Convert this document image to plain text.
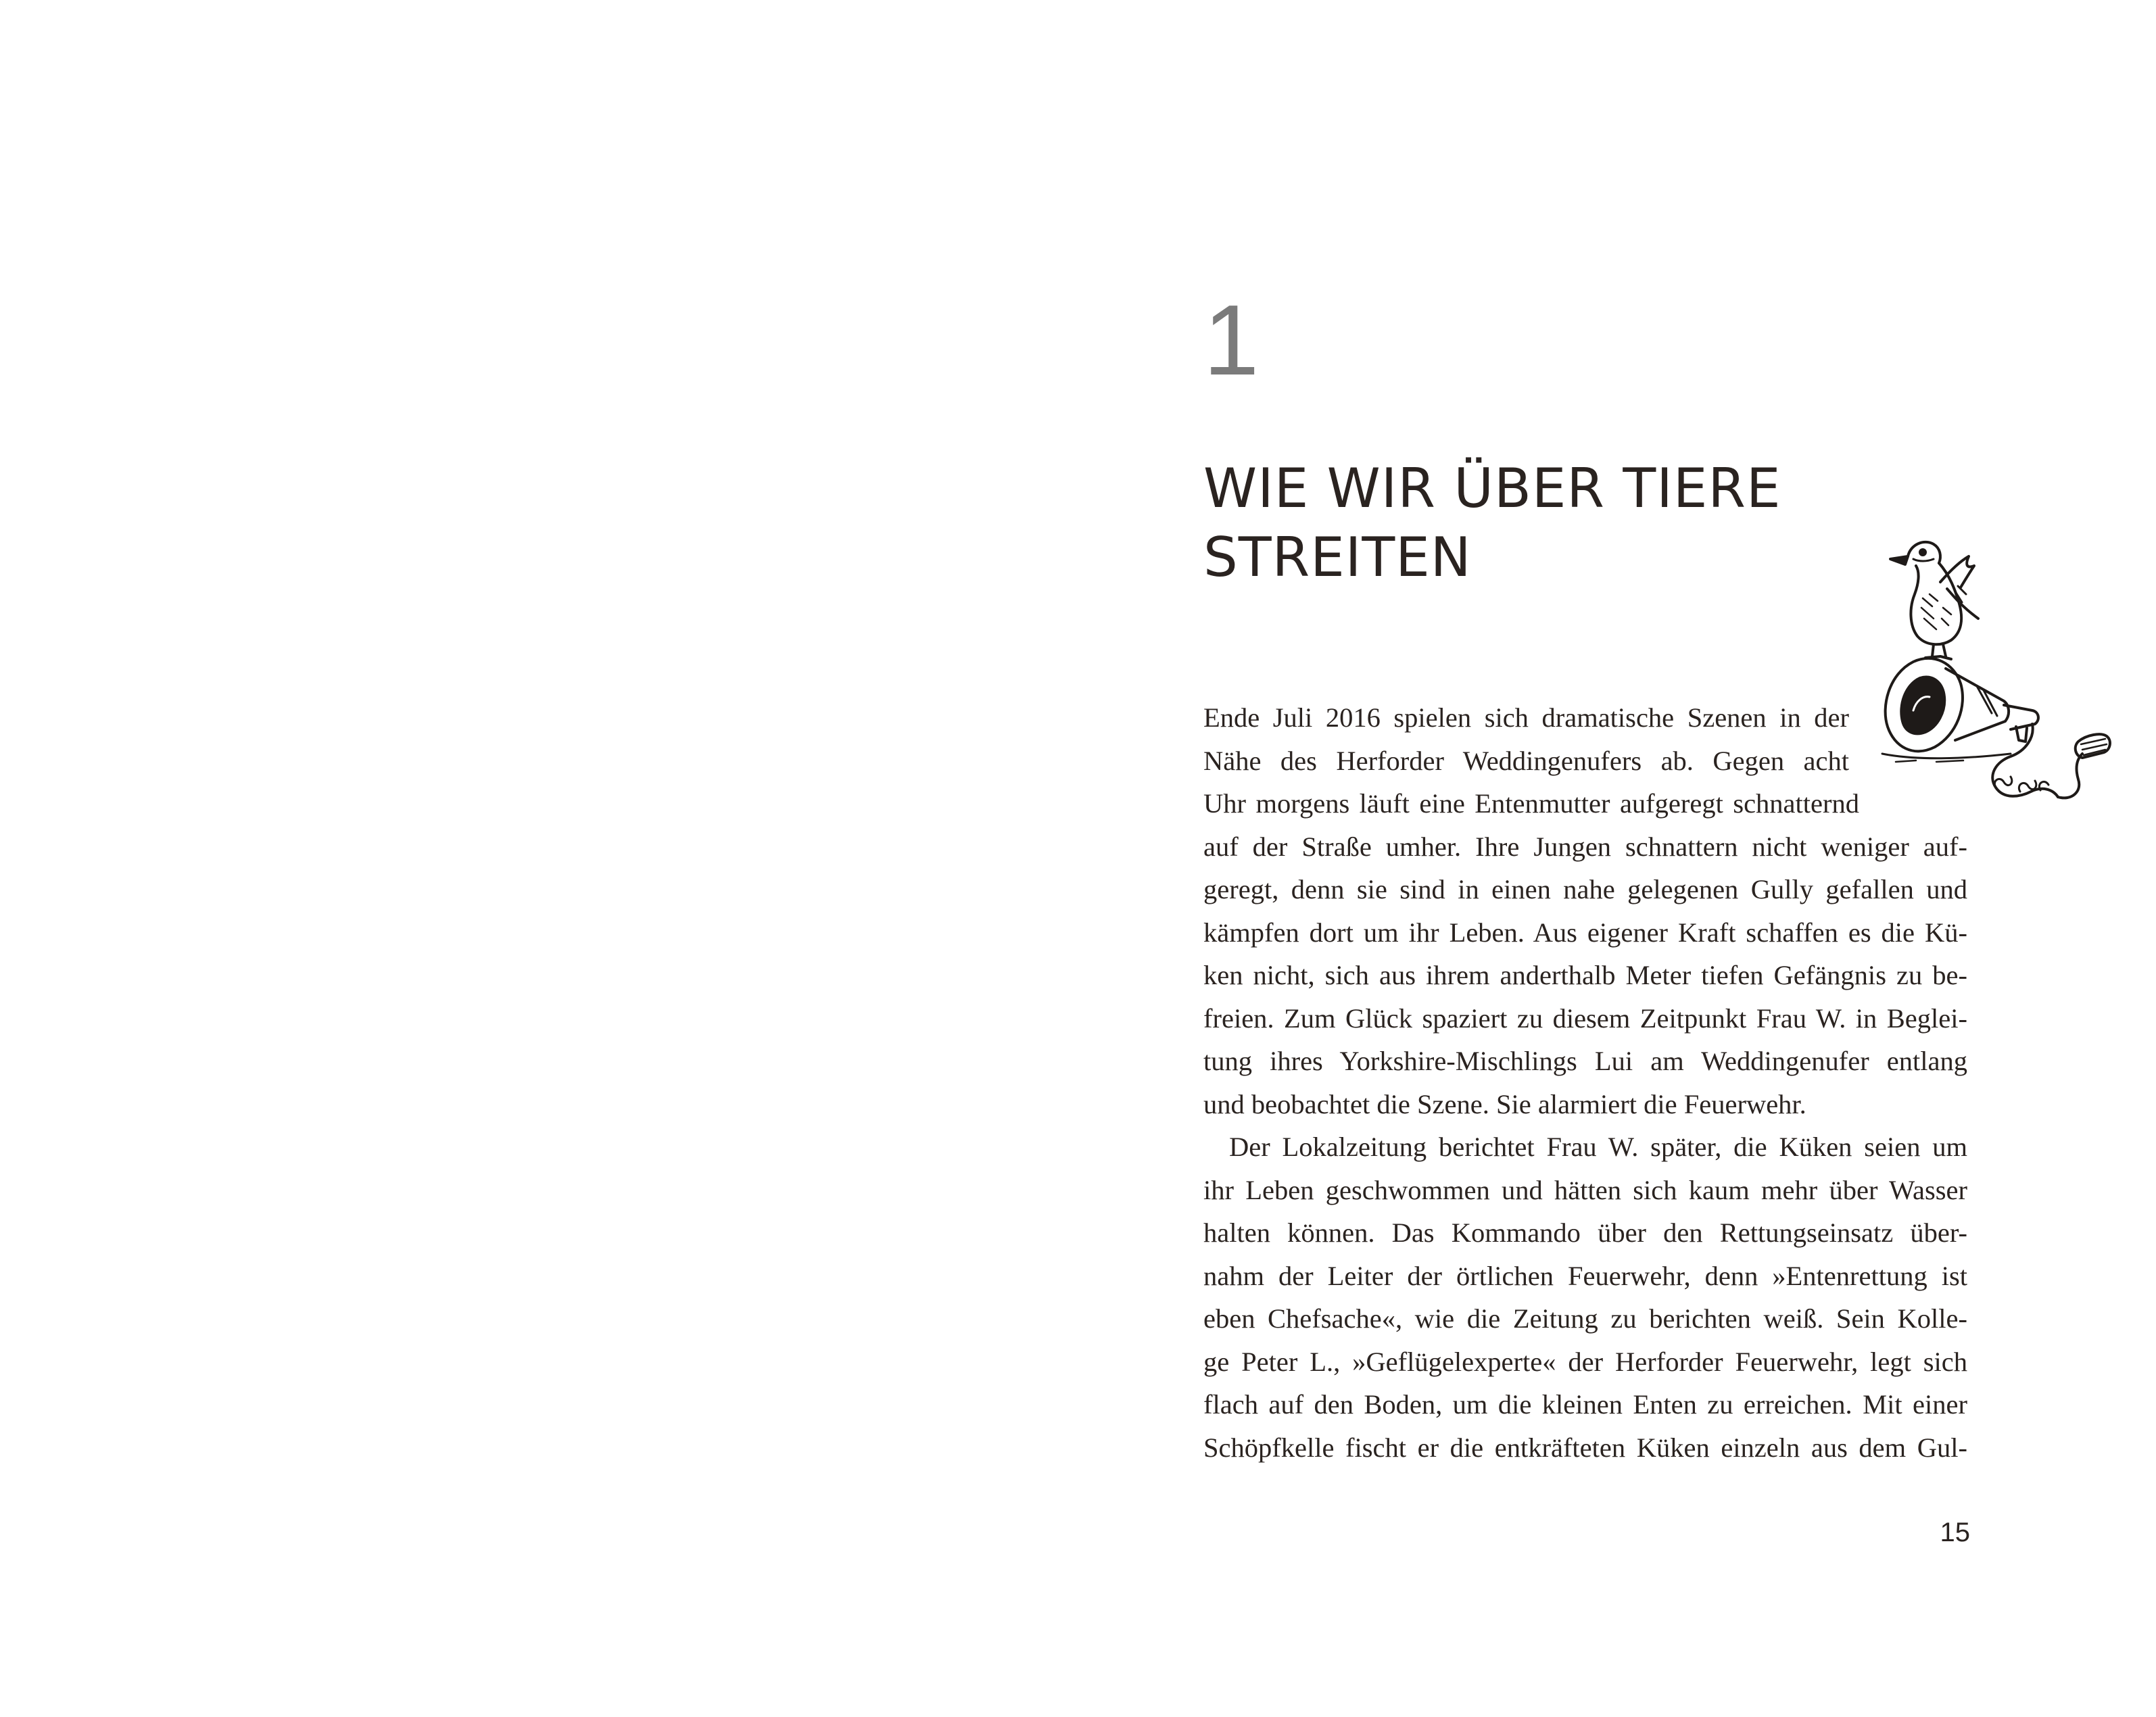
1
WIE WIR ÜBER TIERE
STREITEN
Ende Juli 2016 spielen sich dramatische Szenen in der
Nähe des Herforder Weddingenufers ab. Gegen acht
Uhr morgens läuft eine Entenmutter aufgeregt schnatternd
auf der Straße umher. Ihre Jungen schnattern nicht weniger auf-
geregt, denn sie sind in einen nahe gelegenen Gully gefallen und
kämpfen dort um ihr Leben. Aus eigener Kraft schaffen es die Kü-
ken nicht, sich aus ihrem anderthalb Meter tiefen Gefängnis zu be-
freien. Zum Glück spaziert zu diesem Zeitpunkt Frau W. in Beglei-
tung ihres Yorkshire-Mischlings Lui am Weddingenufer entlang
und beobachtet die Szene. Sie alarmiert die Feuerwehr.
Der Lokalzeitung berichtet Frau W. später, die Küken seien um
ihr Leben geschwommen und hätten sich kaum mehr über Wasser
halten können. Das Kommando über den Rettungseinsatz über-
nahm der Leiter der örtlichen Feuerwehr, denn »Entenrettung ist
eben Chefsache«, wie die Zeitung zu berichten weiß. Sein Kolle-
ge Peter L., »Geflügelexperte« der Herforder Feuerwehr, legt sich
flach auf den Boden, um die kleinen Enten zu erreichen. Mit einer
Schöpfkelle fischt er die entkräfteten Küken einzeln aus dem Gul-
15
